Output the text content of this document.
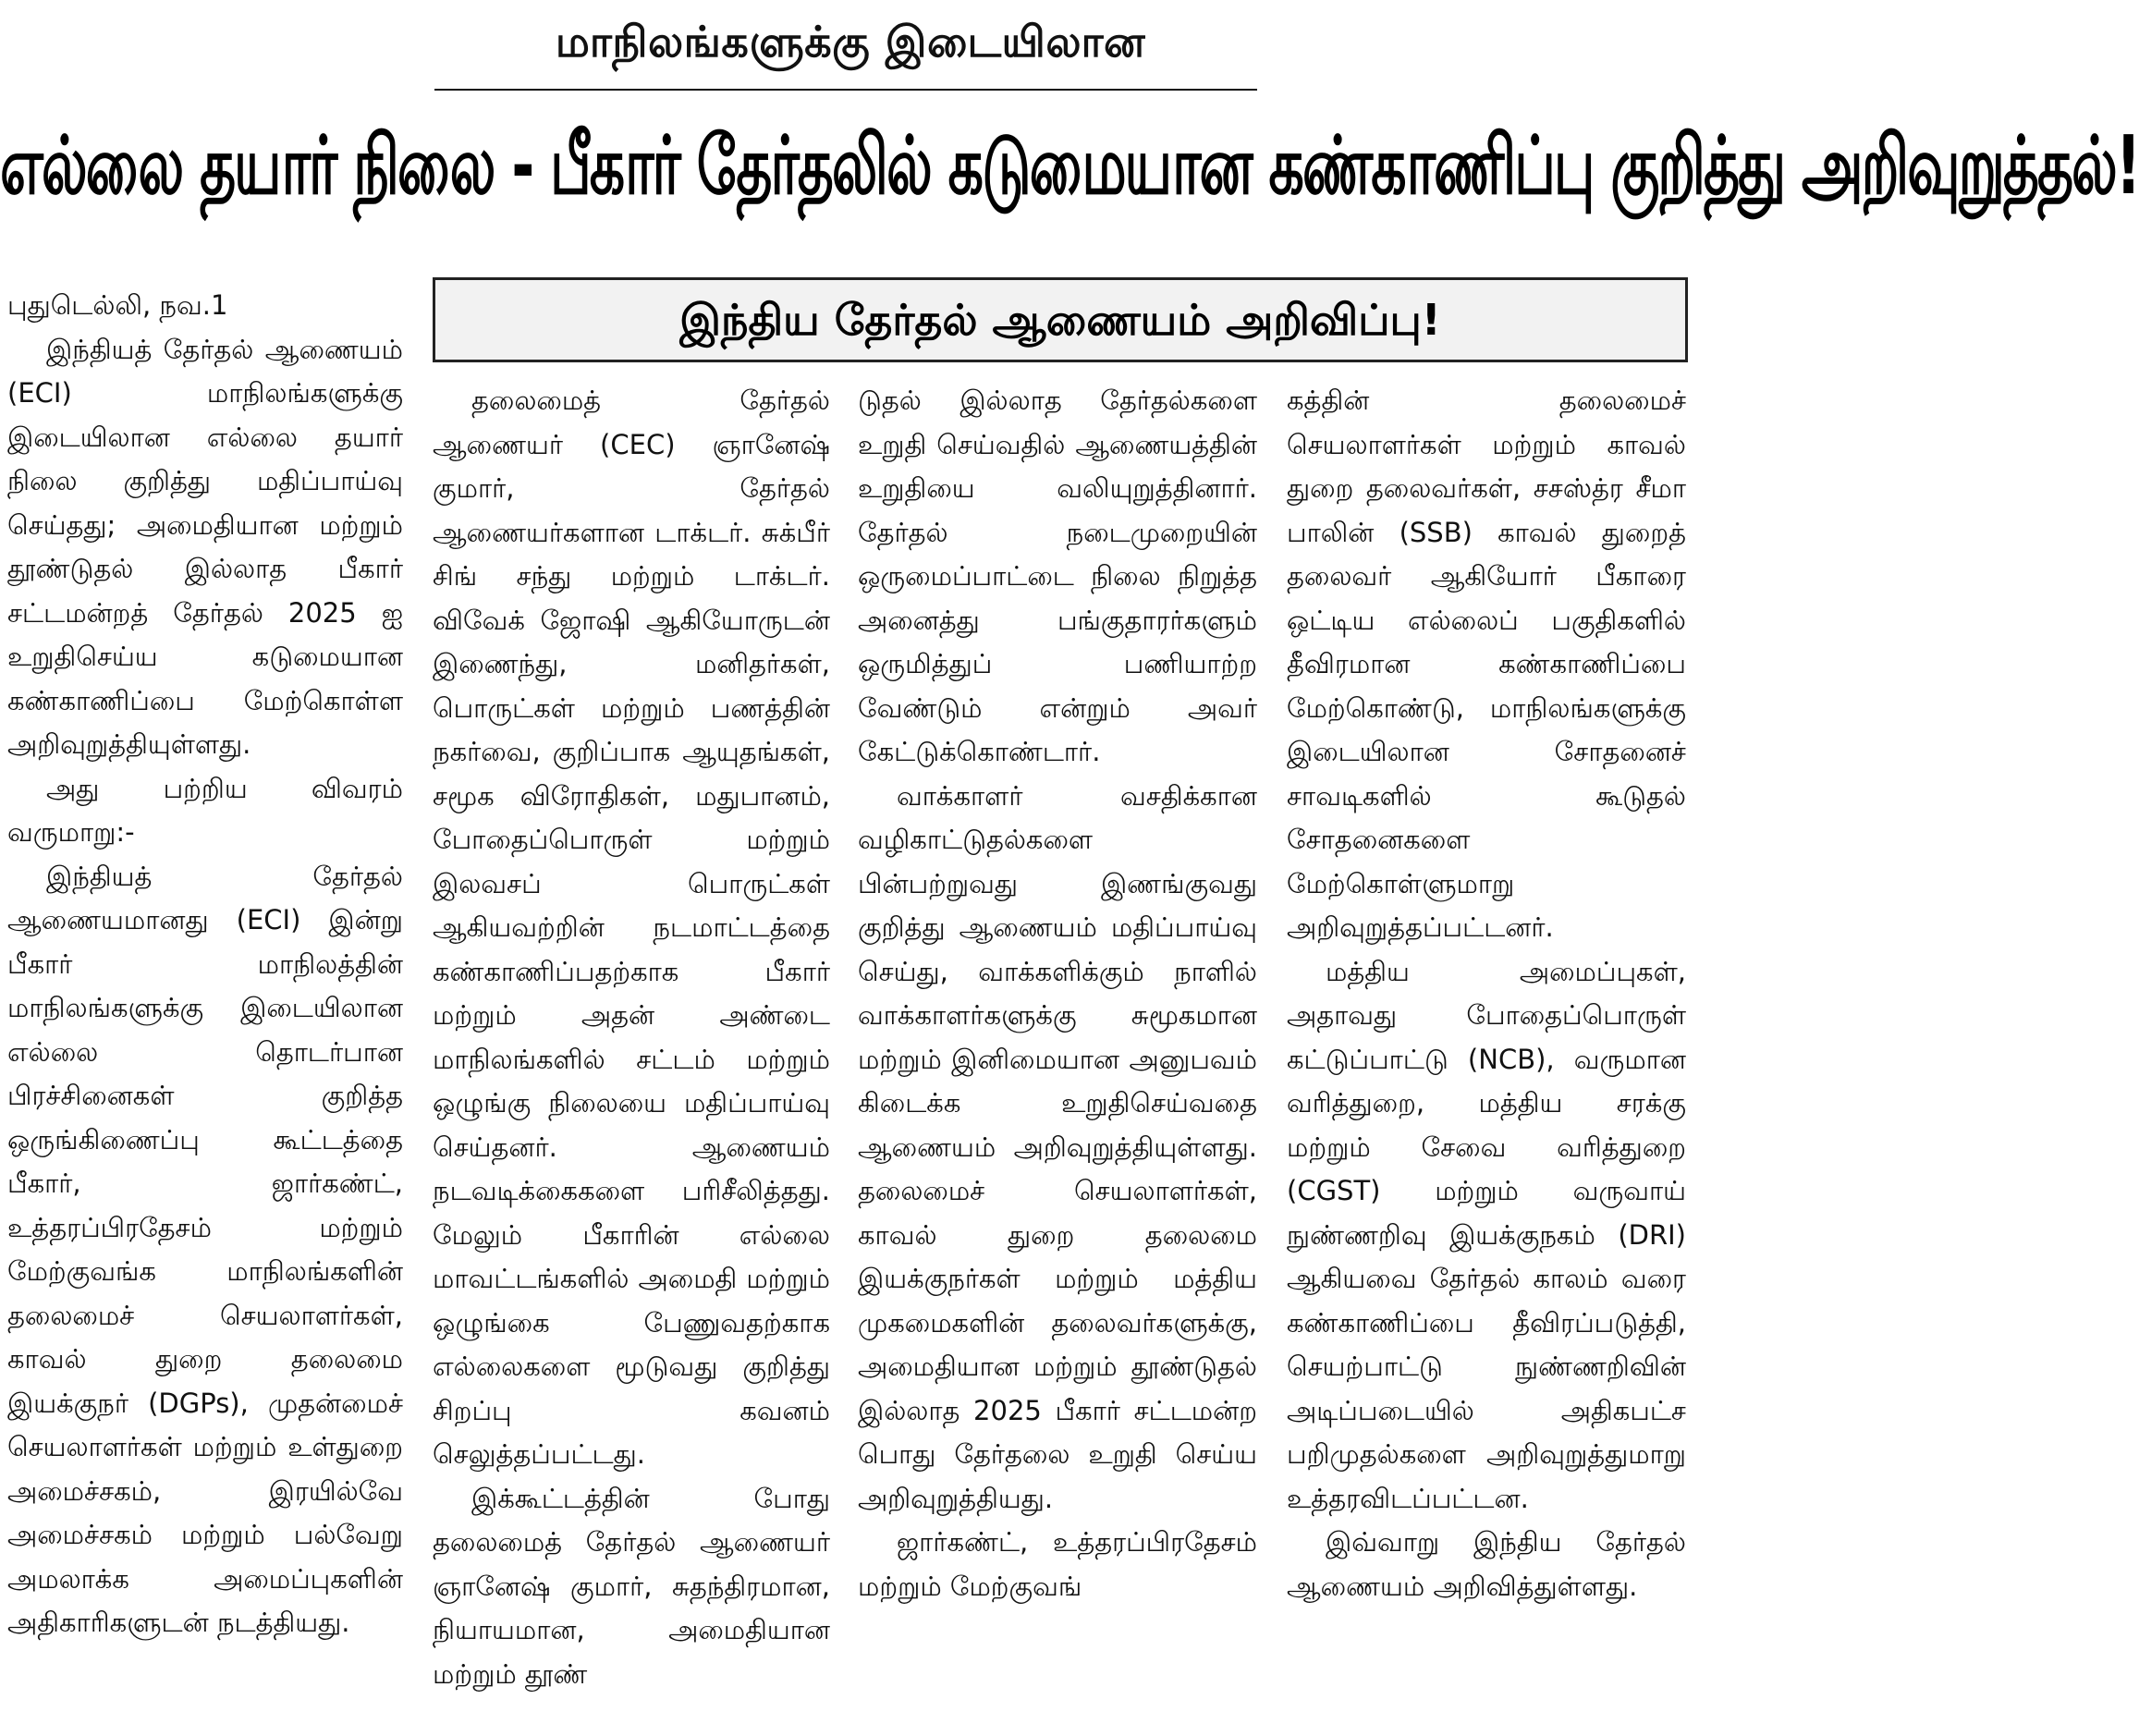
மாநிலங்களுக்கு இடையிலான
எல்லை தயார் நிலை - பீகார் தேர்தலில் கடுமையான கண்காணிப்பு குறித்து அறிவுறுத்தல்!
இந்திய தேர்தல் ஆணையம் அறிவிப்பு!

புதுடெல்லி, நவ.1

இந்தியத் தேர்தல் ஆணையம் (ECI) மாநிலங்களுக்கு இடையிலான எல்லை தயார் நிலை குறித்து மதிப்பாய்வு செய்தது; அமைதியான மற்றும் தூண்டுதல் இல்லாத பீகார் சட்டமன்றத் தேர்தல் 2025 ஐ உறுதிசெய்ய கடுமையான கண்காணிப்பை மேற்கொள்ள அறிவுறுத்தியுள்ளது.

அது பற்றிய விவரம் வருமாறு:-

இந்தியத் தேர்தல் ஆணையமானது (ECI) இன்று பீகார் மாநிலத்தின் மாநிலங்களுக்கு இடையிலான எல்லை தொடர்பான பிரச்சினைகள் குறித்த ஒருங்கிணைப்பு கூட்டத்தை பீகார், ஜார்கண்ட், உத்தரப்பிரதேசம் மற்றும் மேற்குவங்க மாநிலங்களின் தலைமைச் செயலாளர்கள், காவல் துறை தலைமை இயக்குநர் (DGPs), முதன்மைச் செயலாளர்கள் மற்றும் உள்துறை அமைச்சகம், இரயில்வே அமைச்சகம் மற்றும் பல்வேறு அமலாக்க அமைப்புகளின் அதிகாரிகளுடன் நடத்தியது.

தலைமைத் தேர்தல் ஆணையர் (CEC) ஞானேஷ் குமார், தேர்தல் ஆணையர்களான டாக்டர். சுக்பீர் சிங் சந்து மற்றும் டாக்டர். விவேக் ஜோஷி ஆகியோருடன் இணைந்து, மனிதர்கள், பொருட்கள் மற்றும் பணத்தின் நகர்வை, குறிப்பாக ஆயுதங்கள், சமூக விரோதிகள், மதுபானம், போதைப்பொருள் மற்றும் இலவசப் பொருட்கள் ஆகியவற்றின் நடமாட்டத்தை கண்காணிப்பதற்காக பீகார் மற்றும் அதன் அண்டை மாநிலங்களில் சட்டம் மற்றும் ஒழுங்கு நிலையை மதிப்பாய்வு செய்தனர். ஆணையம் நடவடிக்கைகளை பரிசீலித்தது. மேலும் பீகாரின் எல்லை மாவட்டங்களில் அமைதி மற்றும் ஒழுங்கை பேணுவதற்காக எல்லைகளை மூடுவது குறித்து சிறப்பு கவனம் செலுத்தப்பட்டது.

இக்கூட்டத்தின் போது தலைமைத் தேர்தல் ஆணையர் ஞானேஷ் குமார், சுதந்திரமான, நியாயமான, அமைதியான மற்றும் தூண்

டுதல் இல்லாத தேர்தல்களை உறுதி செய்வதில் ஆணையத்தின் உறுதியை வலியுறுத்தினார். தேர்தல் நடைமுறையின் ஒருமைப்பாட்டை நிலை நிறுத்த அனைத்து பங்குதாரர்களும் ஒருமித்துப் பணியாற்ற வேண்டும் என்றும் அவர் கேட்டுக்கொண்டார்.

வாக்காளர் வசதிக்கான வழிகாட்டுதல்களை பின்பற்றுவது இணங்குவது குறித்து ஆணையம் மதிப்பாய்வு செய்து, வாக்களிக்கும் நாளில் வாக்காளர்களுக்கு சுமூகமான மற்றும் இனிமையான அனுபவம் கிடைக்க உறுதிசெய்வதை ஆணையம் அறிவுறுத்தியுள்ளது. தலைமைச் செயலாளர்கள், காவல் துறை தலைமை இயக்குநர்கள் மற்றும் மத்திய முகமைகளின் தலைவர்களுக்கு, அமைதியான மற்றும் தூண்டுதல் இல்லாத 2025 பீகார் சட்டமன்ற பொது தேர்தலை உறுதி செய்ய அறிவுறுத்தியது.

ஜார்கண்ட், உத்தரப்பிரதேசம் மற்றும் மேற்குவங்

கத்தின் தலைமைச் செயலாளர்கள் மற்றும் காவல் துறை தலைவர்கள், சசஸ்த்ர சீமா பாலின் (SSB) காவல் துறைத் தலைவர் ஆகியோர் பீகாரை ஒட்டிய எல்லைப் பகுதிகளில் தீவிரமான கண்காணிப்பை மேற்கொண்டு, மாநிலங்களுக்கு இடையிலான சோதனைச் சாவடிகளில் கூடுதல் சோதனைகளை மேற்கொள்ளுமாறு அறிவுறுத்தப்பட்டனர்.

மத்திய அமைப்புகள், அதாவது போதைப்பொருள் கட்டுப்பாட்டு (NCB), வருமான வரித்துறை, மத்திய சரக்கு மற்றும் சேவை வரித்துறை (CGST) மற்றும் வருவாய் நுண்ணறிவு இயக்குநகம் (DRI) ஆகியவை தேர்தல் காலம் வரை கண்காணிப்பை தீவிரப்படுத்தி, செயற்பாட்டு நுண்ணறிவின் அடிப்படையில் அதிகபட்ச பறிமுதல்களை அறிவுறுத்துமாறு உத்தரவிடப்பட்டன.

இவ்வாறு இந்திய தேர்தல் ஆணையம் அறிவித்துள்ளது.
